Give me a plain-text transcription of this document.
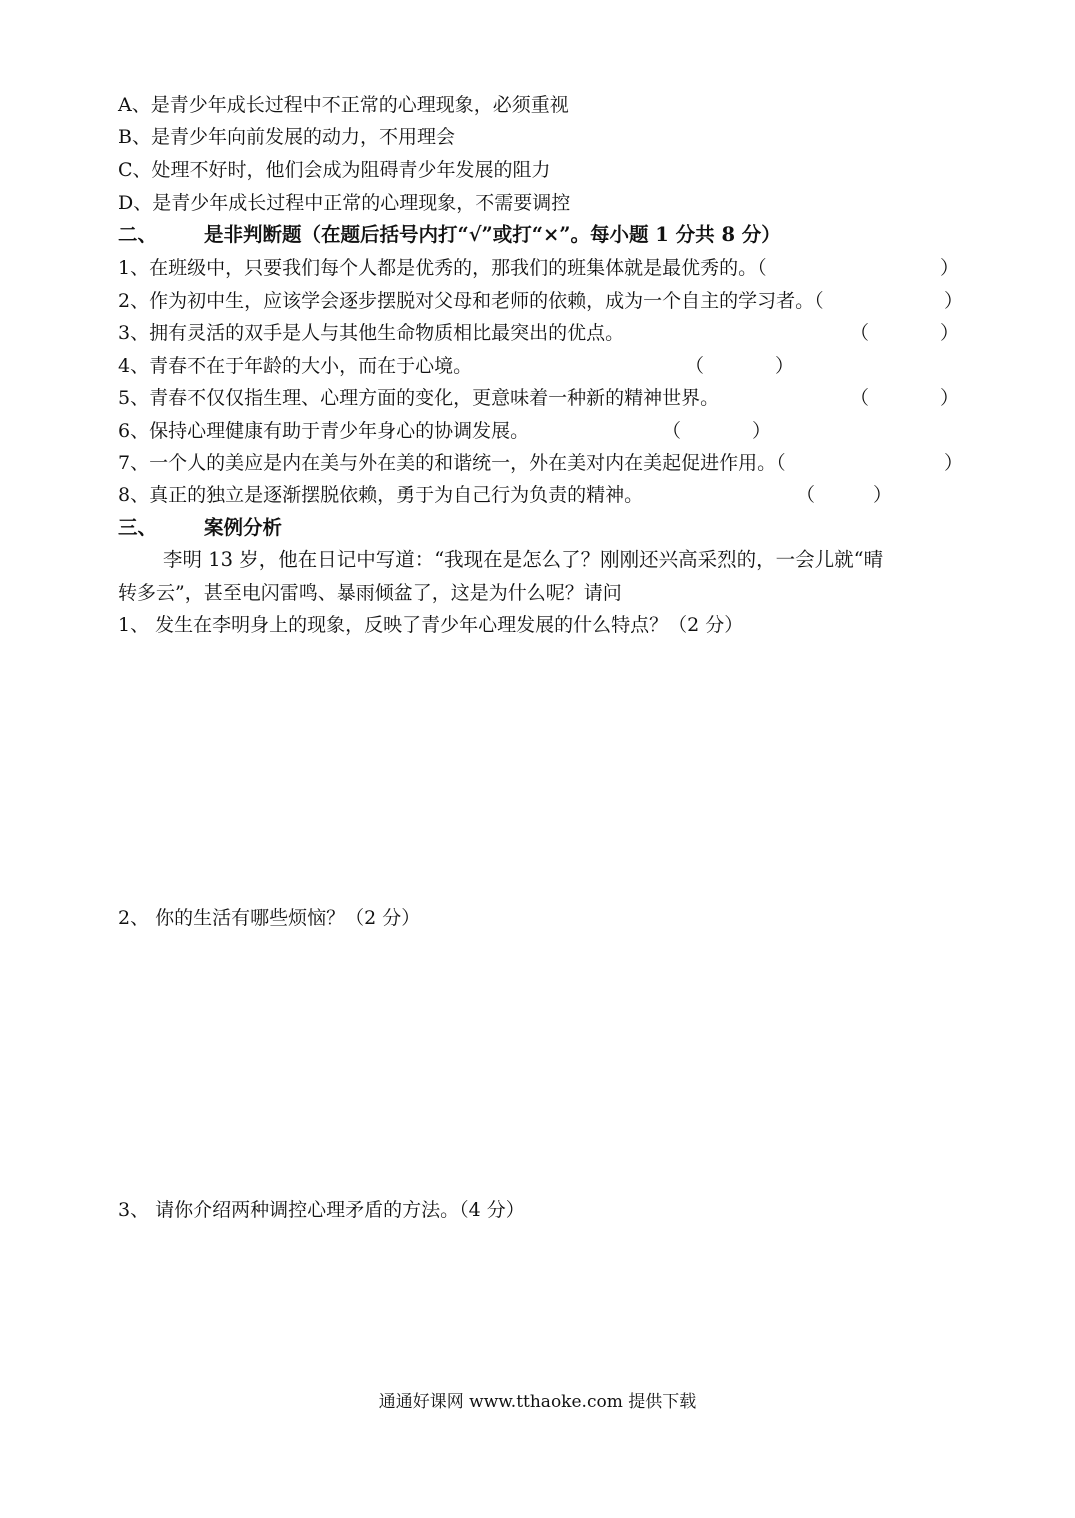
A、是青少年成长过程中不正常的心理现象，必须重视
B、是青少年向前发展的动力，不用理会
C、处理不好时，他们会成为阻碍青少年发展的阻力
D、是青少年成长过程中正常的心理现象，不需要调控
二、 是非判断题（在题后括号内打“√”或打“×”。每小题 1 分共 8 分）
1、在班级中，只要我们每个人都是优秀的，那我们的班集体就是最优秀的。（	）
2、作为初中生，应该学会逐步摆脱对父母和老师的依赖，成为一个自主的学习者。（	）
3、拥有灵活的双手是人与其他生命物质相比最突出的优点。	（	）
4、青春不在于年龄的大小，而在于心境。	（	）
5、青春不仅仅指生理、心理方面的变化，更意味着一种新的精神世界。	（	）
6、保持心理健康有助于青少年身心的协调发展。	（	）
7、一个人的美应是内在美与外在美的和谐统一，外在美对内在美起促进作用。（	）
8、真正的独立是逐渐摆脱依赖，勇于为自己行为负责的精神。	（	）
三、 案例分析
李明 13 岁，他在日记中写道：“我现在是怎么了？刚刚还兴高采烈的，一会儿就“晴
转多云”，甚至电闪雷鸣、暴雨倾盆了，这是为什么呢？请问
1、 发生在李明身上的现象，反映了青少年心理发展的什么特点？（2 分）
2、 你的生活有哪些烦恼？（2 分）
3、 请你介绍两种调控心理矛盾的方法。（4 分）
通通好课网 www.tthaoke.com 提供下载
